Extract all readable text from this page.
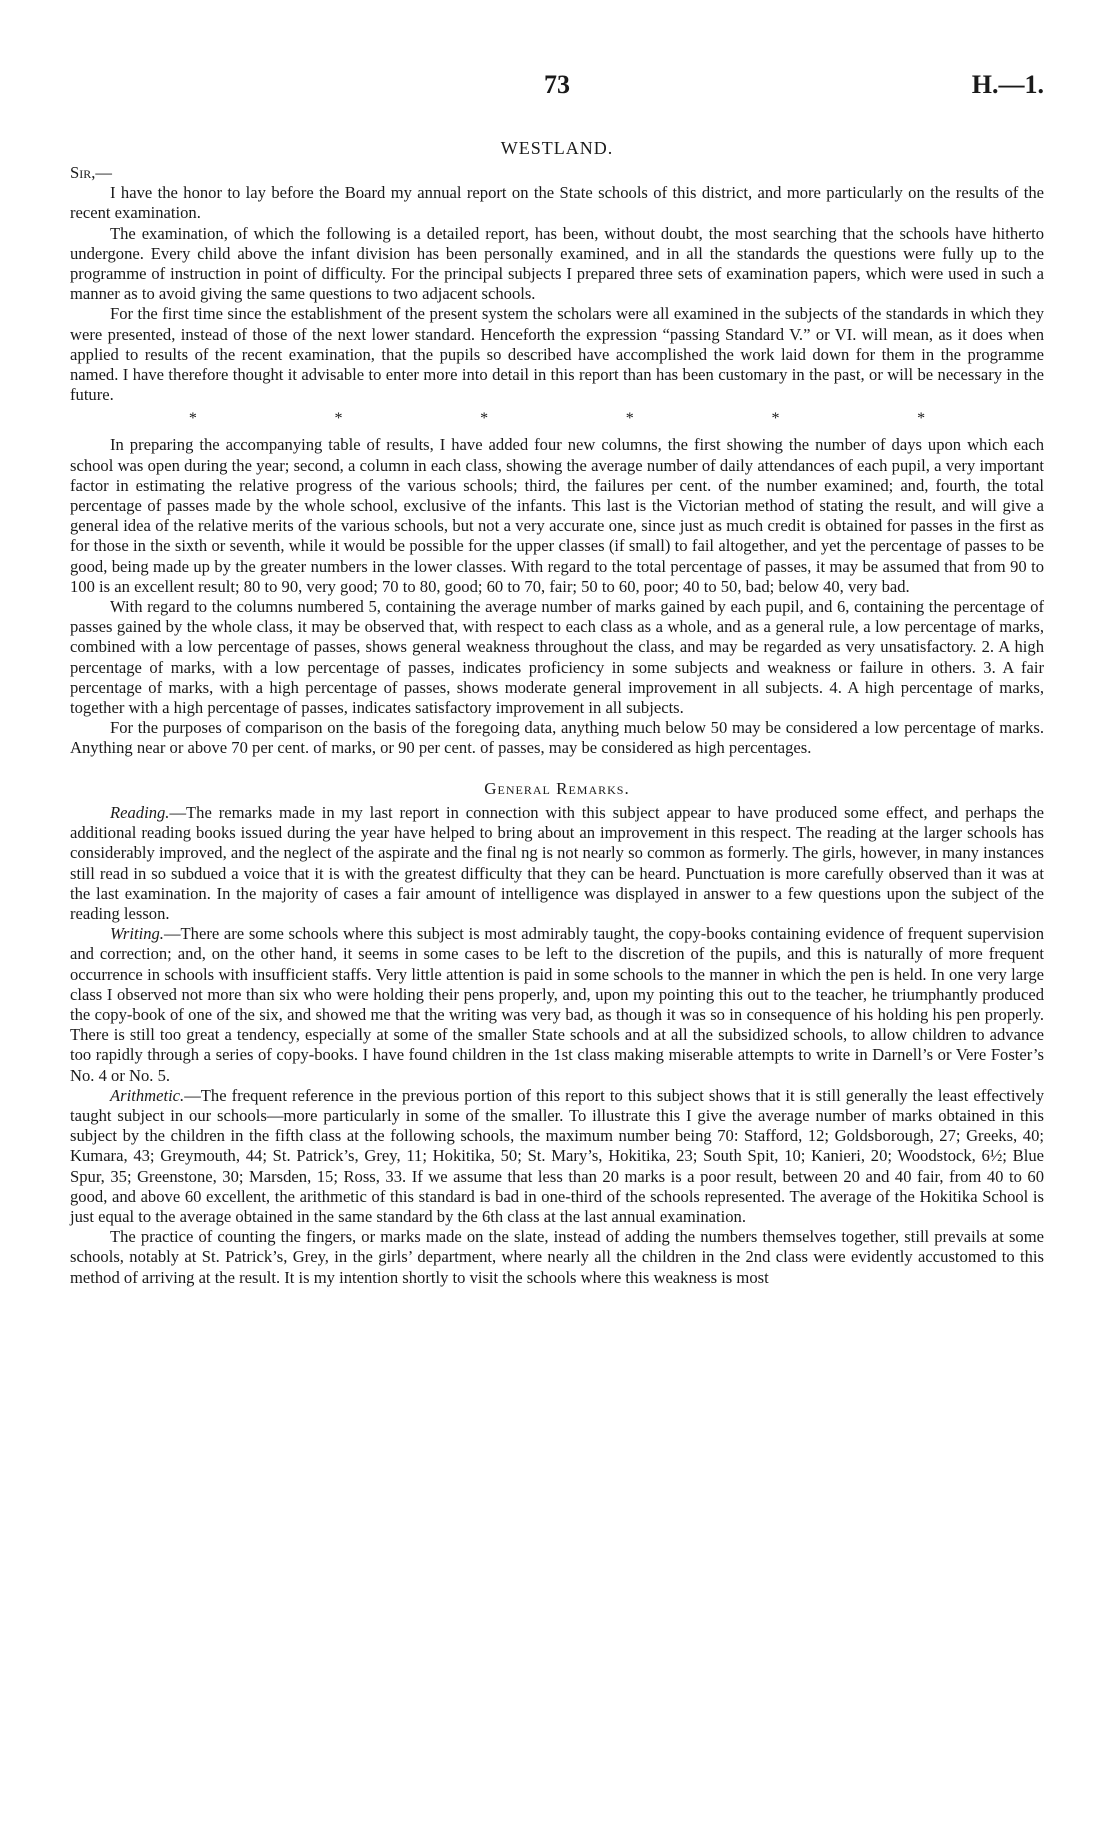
73	H.—1.
WESTLAND.
Sir,—

I have the honor to lay before the Board my annual report on the State schools of this district, and more particularly on the results of the recent examination.

The examination, of which the following is a detailed report, has been, without doubt, the most searching that the schools have hitherto undergone. Every child above the infant division has been personally examined, and in all the standards the questions were fully up to the programme of instruction in point of difficulty. For the principal subjects I prepared three sets of examination papers, which were used in such a manner as to avoid giving the same questions to two adjacent schools.

For the first time since the establishment of the present system the scholars were all examined in the subjects of the standards in which they were presented, instead of those of the next lower standard. Henceforth the expression “passing Standard V.” or VI. will mean, as it does when applied to results of the recent examination, that the pupils so described have accomplished the work laid down for them in the programme named. I have therefore thought it advisable to enter more into detail in this report than has been customary in the past, or will be necessary in the future.

*	*	*	*	*	*

In preparing the accompanying table of results, I have added four new columns, the first showing the number of days upon which each school was open during the year; second, a column in each class, showing the average number of daily attendances of each pupil, a very important factor in estimating the relative progress of the various schools; third, the failures per cent. of the number examined; and, fourth, the total percentage of passes made by the whole school, exclusive of the infants. This last is the Victorian method of stating the result, and will give a general idea of the relative merits of the various schools, but not a very accurate one, since just as much credit is obtained for passes in the first as for those in the sixth or seventh, while it would be possible for the upper classes (if small) to fail altogether, and yet the percentage of passes to be good, being made up by the greater numbers in the lower classes. With regard to the total percentage of passes, it may be assumed that from 90 to 100 is an excellent result; 80 to 90, very good; 70 to 80, good; 60 to 70, fair; 50 to 60, poor; 40 to 50, bad; below 40, very bad.

With regard to the columns numbered 5, containing the average number of marks gained by each pupil, and 6, containing the percentage of passes gained by the whole class, it may be observed that, with respect to each class as a whole, and as a general rule, a low percentage of marks, combined with a low percentage of passes, shows general weakness throughout the class, and may be regarded as very unsatisfactory. 2. A high percentage of marks, with a low percentage of passes, indicates proficiency in some subjects and weakness or failure in others. 3. A fair percentage of marks, with a high percentage of passes, shows moderate general improvement in all subjects. 4. A high percentage of marks, together with a high percentage of passes, indicates satisfactory improvement in all subjects.

For the purposes of comparison on the basis of the foregoing data, anything much below 50 may be considered a low percentage of marks. Anything near or above 70 per cent. of marks, or 90 per cent. of passes, may be considered as high percentages.

General Remarks.

Reading.—The remarks made in my last report in connection with this subject appear to have produced some effect, and perhaps the additional reading books issued during the year have helped to bring about an improvement in this respect. The reading at the larger schools has considerably improved, and the neglect of the aspirate and the final ng is not nearly so common as formerly. The girls, however, in many instances still read in so subdued a voice that it is with the greatest difficulty that they can be heard. Punctuation is more carefully observed than it was at the last examination. In the majority of cases a fair amount of intelligence was displayed in answer to a few questions upon the subject of the reading lesson.

Writing.—There are some schools where this subject is most admirably taught, the copy-books containing evidence of frequent supervision and correction; and, on the other hand, it seems in some cases to be left to the discretion of the pupils, and this is naturally of more frequent occurrence in schools with insufficient staffs. Very little attention is paid in some schools to the manner in which the pen is held. In one very large class I observed not more than six who were holding their pens properly, and, upon my pointing this out to the teacher, he triumphantly produced the copy-book of one of the six, and showed me that the writing was very bad, as though it was so in consequence of his holding his pen properly. There is still too great a tendency, especially at some of the smaller State schools and at all the subsidized schools, to allow children to advance too rapidly through a series of copy-books. I have found children in the 1st class making miserable attempts to write in Darnell’s or Vere Foster’s No. 4 or No. 5.

Arithmetic.—The frequent reference in the previous portion of this report to this subject shows that it is still generally the least effectively taught subject in our schools—more particularly in some of the smaller. To illustrate this I give the average number of marks obtained in this subject by the children in the fifth class at the following schools, the maximum number being 70: Stafford, 12; Goldsborough, 27; Greeks, 40; Kumara, 43; Greymouth, 44; St. Patrick’s, Grey, 11; Hokitika, 50; St. Mary’s, Hokitika, 23; South Spit, 10; Kanieri, 20; Woodstock, 6½; Blue Spur, 35; Greenstone, 30; Marsden, 15; Ross, 33. If we assume that less than 20 marks is a poor result, between 20 and 40 fair, from 40 to 60 good, and above 60 excellent, the arithmetic of this standard is bad in one-third of the schools represented. The average of the Hokitika School is just equal to the average obtained in the same standard by the 6th class at the last annual examination.

The practice of counting the fingers, or marks made on the slate, instead of adding the numbers themselves together, still prevails at some schools, notably at St. Patrick’s, Grey, in the girls’ department, where nearly all the children in the 2nd class were evidently accustomed to this method of arriving at the result. It is my intention shortly to visit the schools where this weakness is most
